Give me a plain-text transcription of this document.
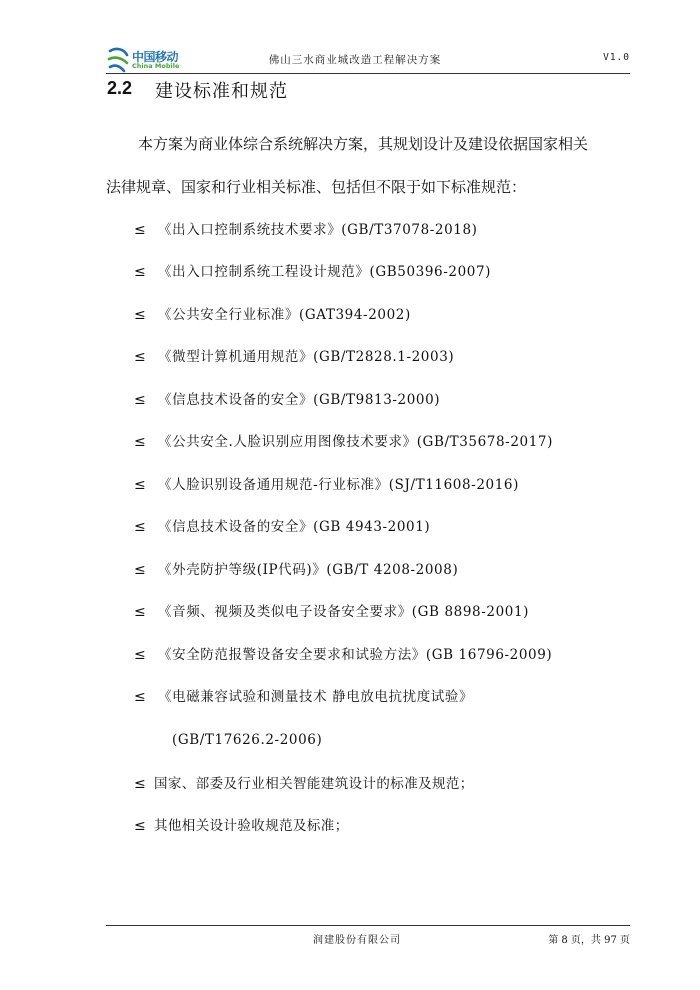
中国移动
China Mobile	佛山三水商业城改造工程解决方案	V1.0
2.2 建设标准和规范
本方案为商业体综合系统解决方案，其规划设计及建设依据国家相关
法律规章、国家和行业相关标准、包括但不限于如下标准规范：
≤ 《出入口控制系统技术要求》(GB/T37078-2018)
≤ 《出入口控制系统工程设计规范》(GB50396-2007)
≤ 《公共安全行业标准》(GAT394-2002)
≤ 《微型计算机通用规范》(GB/T2828.1-2003)
≤ 《信息技术设备的安全》(GB/T9813-2000)
≤ 《公共安全.人脸识别应用图像技术要求》(GB/T35678-2017)
≤ 《人脸识别设备通用规范-行业标准》(SJ/T11608-2016)
≤ 《信息技术设备的安全》(GB 4943-2001)
≤ 《外壳防护等级(IP代码)》(GB/T 4208-2008)
≤ 《音频、视频及类似电子设备安全要求》(GB 8898-2001)
≤ 《安全防范报警设备安全要求和试验方法》(GB 16796-2009)
≤ 《电磁兼容试验和测量技术 静电放电抗扰度试验》
(GB/T17626.2-2006)
≤ 国家、部委及行业相关智能建筑设计的标准及规范；
≤ 其他相关设计验收规范及标准；
润建股份有限公司	第 8 页，共 97 页
